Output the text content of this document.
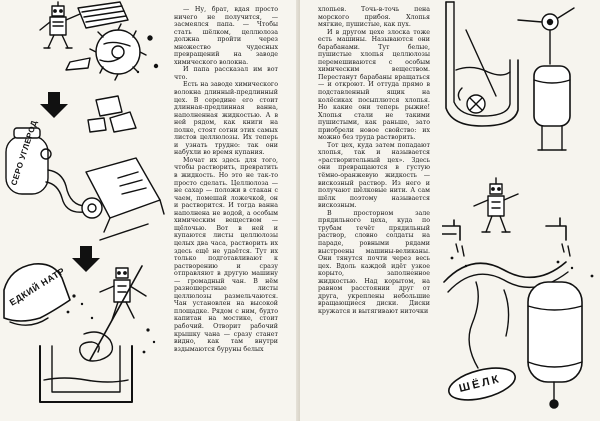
СЕРО УГЛЕРОД
ЕДКИЙ НАТР

— Ну, брат, вдая просто ничего не получится, — засмеялся папа. — Чтобы стать шёлком, целлюлоза должна пройти через множество чудесных превращений на заводе химического волокна.

И папа рассказал им вот что.

Есть на заводе химического волокна длинный-предлинный цех. В середине его стоит длинная-предлинная ванна, наполненная жидкостью. А в ней рядом, как книги на полке, стоят сотни этих самых листов целлюлозы. Их теперь и узнать трудно: так они набухли во время купания.

Мочат их здесь для того, чтобы растворить, превратить в жидкость. Но это не так-то просто сделать. Целлюлоза — не сахар — положи в стакан с чаем, помешай ложечкой, он и растворится. И тогда ванна наполнена не водой, а особым химическим веществом — щёлочью. Вот в ней и купаются листы целлюлозы целых два часа, растворить их здесь ещё не удаётся. Тут их только подготавливают к растворению и сразу отправляют в другую машину — громадный чан. В нём разношерстные листы целлюлозы размельчаются. Чан установлен на высокой площадке. Рядом с ним, будто капитан на мостике, стоит рабочий. Отворит рабочий крышку чана — сразу станет видно, как там внутри вздымаются буруны белых

хлопьев. Точь-в-точь пена морского прибоя. Хлопья мягкие, пушистые, как пух.

И в другом цехе злоска тоже есть машины. Называются они барабанами. Тут белые, пушистые хлопья целлюлозы перемешиваются с особым химическим веществом. Перестанут барабаны вращаться — и откроют. И оттуда прямо в подставленный ящик на колёсиках посыплются хлопья. Но какие они теперь рыжие! Хлопья стали не такими пушистыми, как раньше, зато приобрели новое свойство: их можно без труда растворить.

Тот цех, куда затем попадают хлопья, так и называется «растворительный цех». Здесь они превращаются в густую тёмно-оранжевую жидкость — вискозный раствор. Из него и получают шёлковые нити. А сам шёлк поэтому называется вискозным.

В просторном зале прядильного цеха, куда по трубам течёт прядильный раствор, словно солдаты на параде, ровными рядами выстроены машины-великаны. Они тянутся почти через весь цех. Вдоль каждой идёт узкое корыто, заполненное жидкостью. Над корытом, на равном расстоянии друг от друга, укреплены небольшие вращающиеся диски. Диски кружатся и вытягивают ниточки

ШЁЛК
